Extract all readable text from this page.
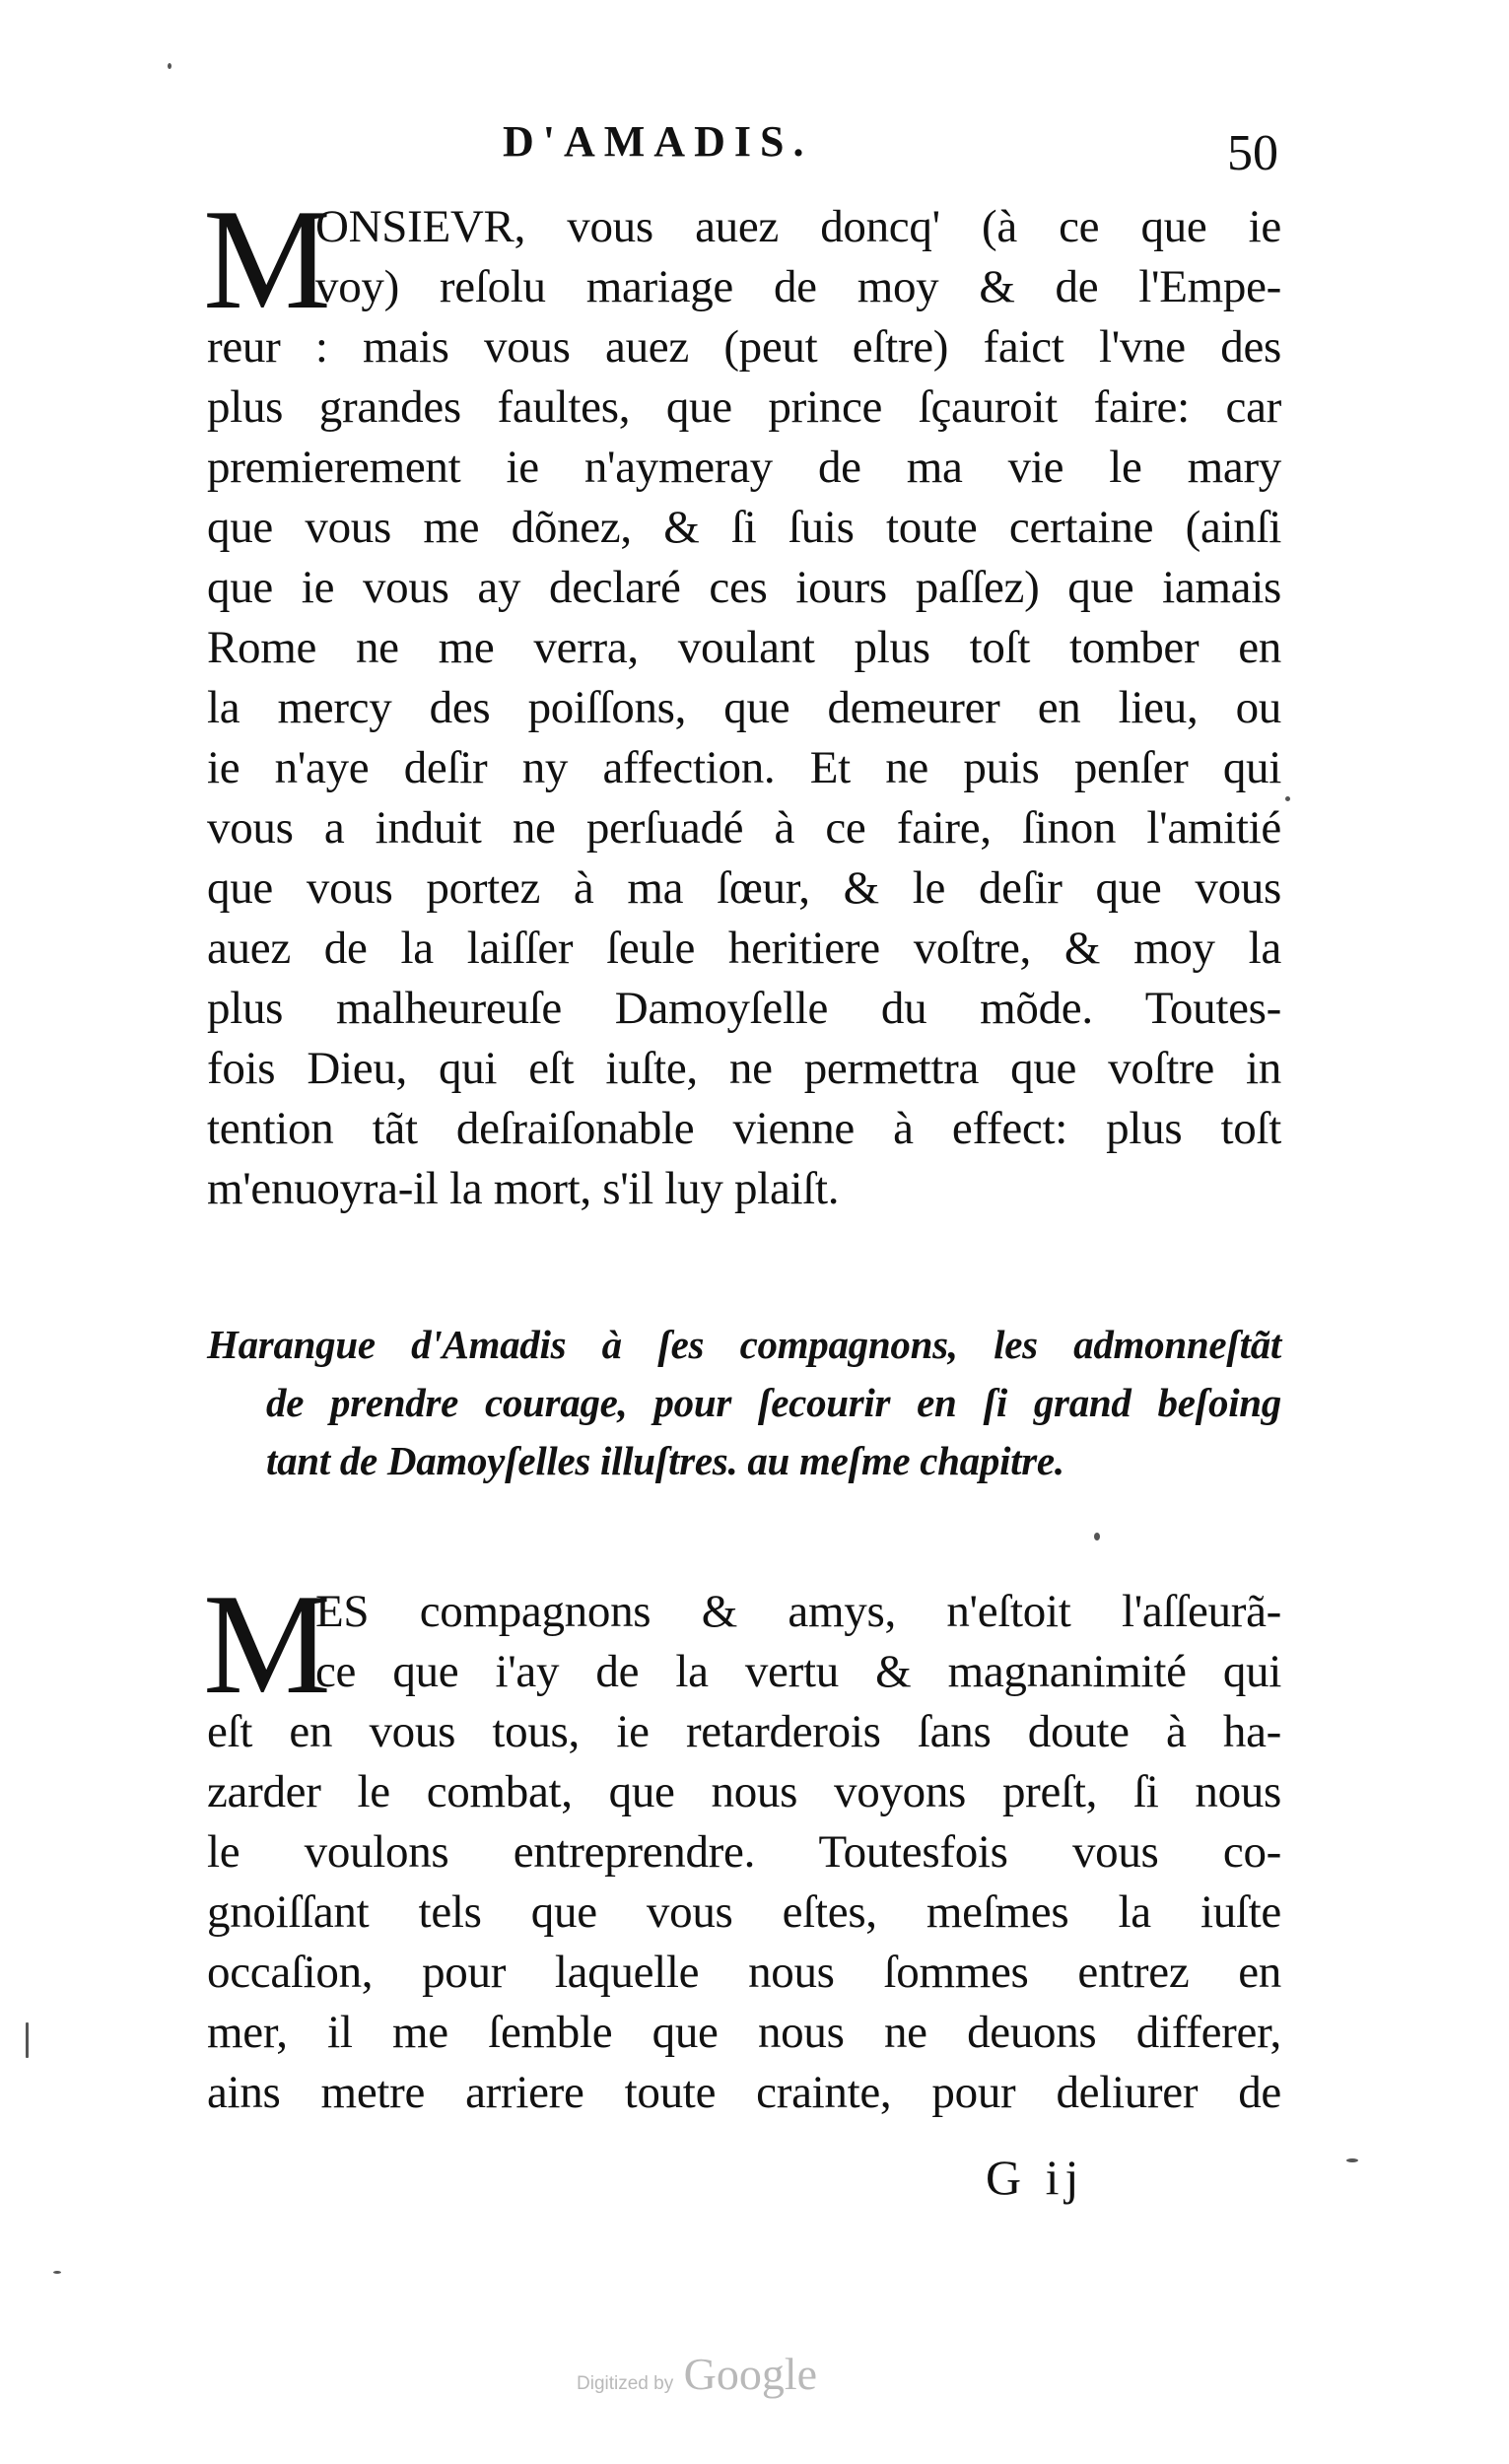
D'AMADIS.	50
M
ONSIEVR, vous auez doncq' (à ce que ie
voy) reſolu mariage de moy & de l'Empe-
reur : mais vous auez (peut eſtre) faict l'vne des
plus grandes faultes, que prince ſçauroit faire: car
premierement ie n'aymeray de ma vie le mary
que vous me dõnez, & ſi ſuis toute certaine (ainſi
que ie vous ay declaré ces iours paſſez) que iamais
Rome ne me verra, voulant plus toſt tomber en
la mercy des poiſſons, que demeurer en lieu, ou
ie n'aye deſir ny affection. Et ne puis penſer qui
vous a induit ne perſuadé à ce faire, ſinon l'amitié
que vous portez à ma ſœur, & le deſir que vous
auez de la laiſſer ſeule heritiere voſtre, & moy la
plus malheureuſe Damoyſelle du mõde. Toutes-
fois Dieu, qui eſt iuſte, ne permettra que voſtre in
tention tãt deſraiſonable vienne à effect: plus toſt
m'enuoyra-il la mort, s'il luy plaiſt.
Harangue d'Amadis à ſes compagnons, les admonneſtãt
de prendre courage, pour ſecourir en ſi grand beſoing
tant de Damoyſelles illuſtres. au meſme chapitre.
M
ES compagnons & amys, n'eſtoit l'aſſeurã-
ce que i'ay de la vertu & magnanimité qui
eſt en vous tous, ie retarderois ſans doute à ha-
zarder le combat, que nous voyons preſt, ſi nous
le voulons entreprendre. Toutesfois vous co-
gnoiſſant tels que vous eſtes, meſmes la iuſte
occaſion, pour laquelle nous ſommes entrez en
mer, il me ſemble que nous ne deuons differer,
ains metre arriere toute crainte, pour deliurer de
G ij
Digitized by Google
